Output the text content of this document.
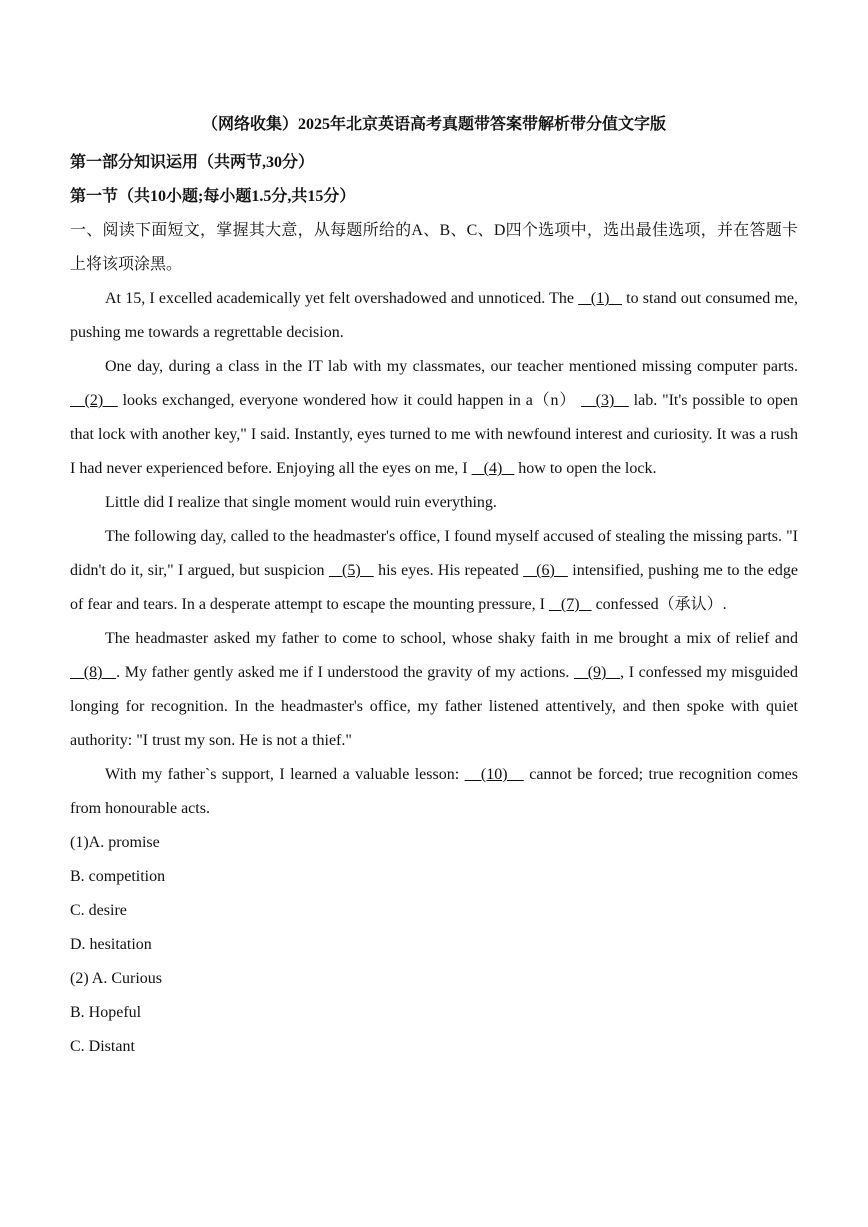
（网络收集）2025年北京英语高考真题带答案带解析带分值文字版
第一部分知识运用（共两节,30分）
第一节（共10小题;每小题1.5分,共15分）

一、阅读下面短文，掌握其大意，从每题所给的A、B、C、D四个选项中，选出最佳选项，并在答题卡上将该项涂黑。

At 15, I excelled academically yet felt overshadowed and unnoticed. The    (1)    to stand out consumed me, pushing me towards a regrettable decision.

One day, during a class in the IT lab with my classmates, our teacher mentioned missing computer parts.    (2)    looks exchanged, everyone wondered how it could happen in a（n）    (3)    lab. "It's possible to open that lock with another key," I said. Instantly, eyes turned to me with newfound interest and curiosity. It was a rush I had never experienced before. Enjoying all the eyes on me, I    (4)    how to open the lock.

Little did I realize that single moment would ruin everything.

The following day, called to the headmaster's office, I found myself accused of stealing the missing parts. "I didn't do it, sir," I argued, but suspicion    (5)    his eyes. His repeated    (6)    intensified, pushing me to the edge of fear and tears. In a desperate attempt to escape the mounting pressure, I    (7)    confessed（承认）.

The headmaster asked my father to come to school, whose shaky faith in me brought a mix of relief and    (8)   . My father gently asked me if I understood the gravity of my actions.    (9)   , I confessed my misguided longing for recognition. In the headmaster's office, my father listened attentively, and then spoke with quiet authority: "I trust my son. He is not a thief."

With my father`s support, I learned a valuable lesson:    (10)    cannot be forced; true recognition comes from honourable acts.

(1)A. promise
B. competition
C. desire
D. hesitation
(2) A. Curious
B. Hopeful
C. Distant
